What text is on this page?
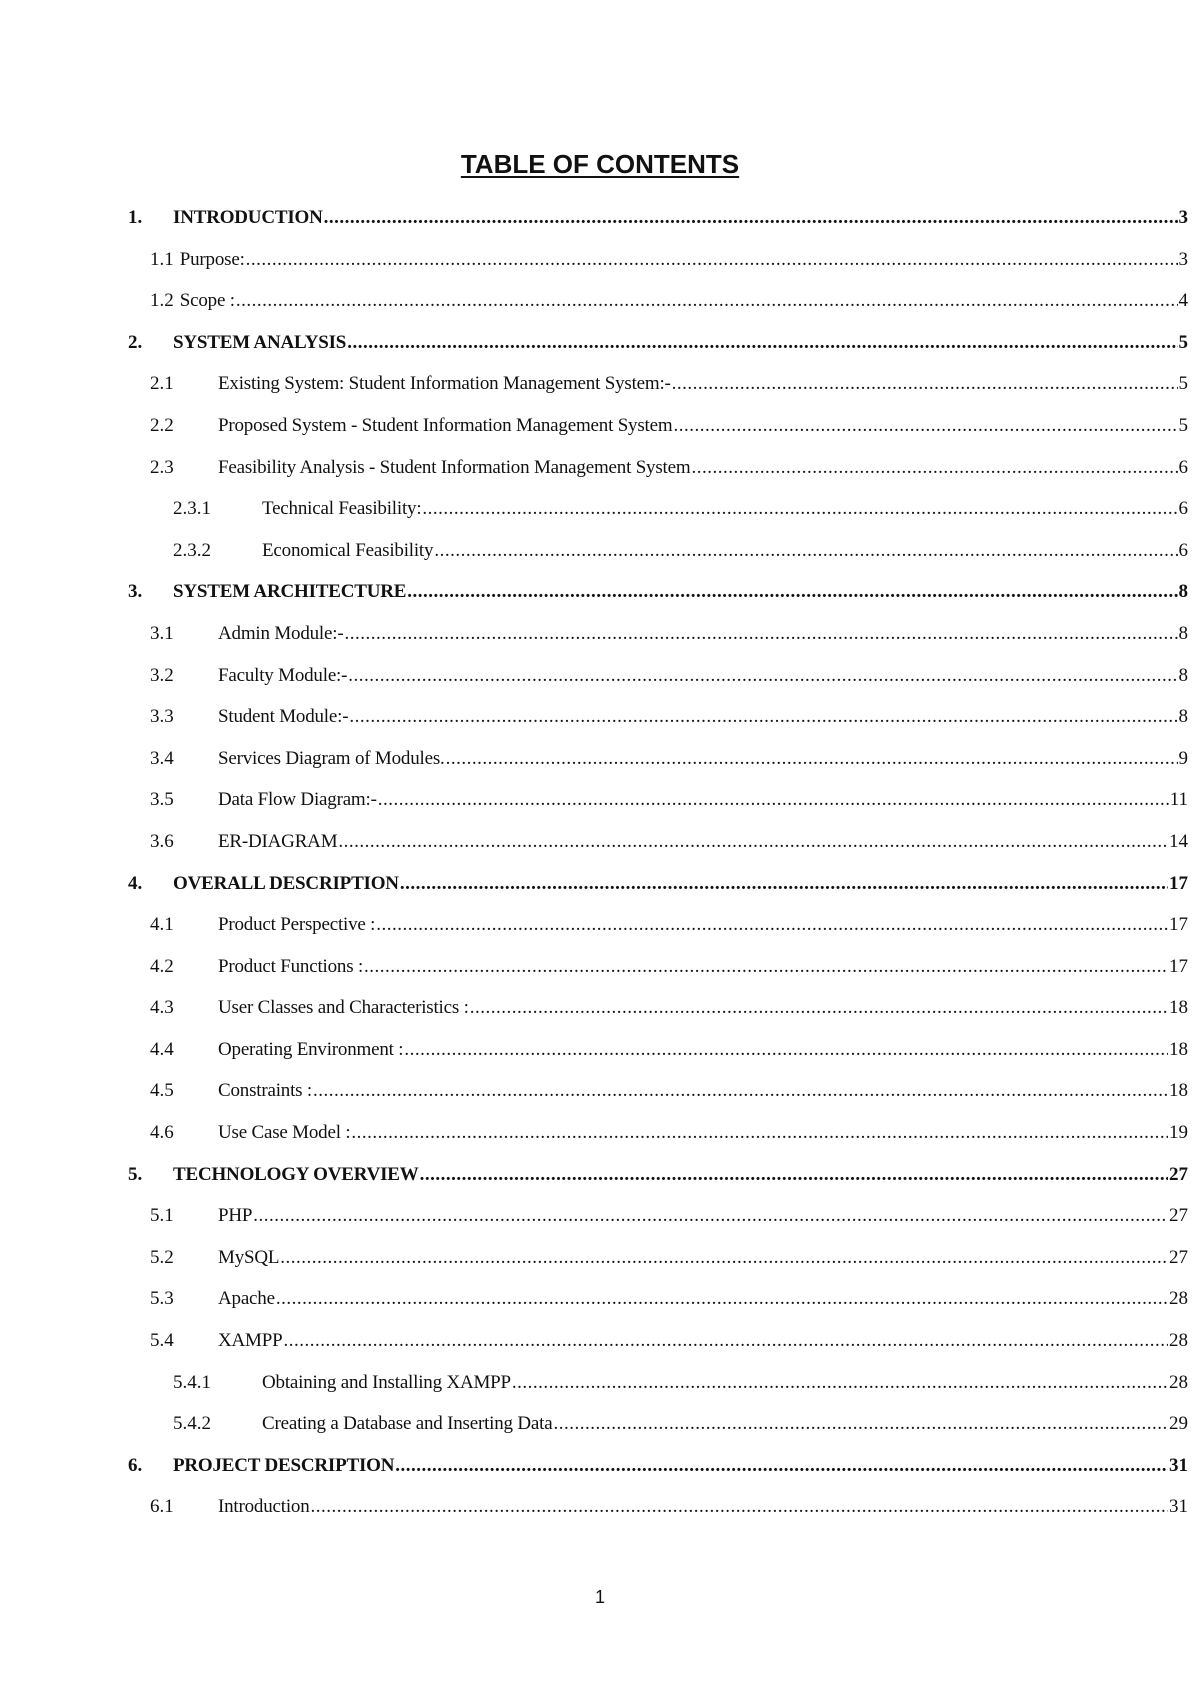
TABLE OF CONTENTS
1.	INTRODUCTION .....	3
1.1 Purpose: .....	3
1.2 Scope : .....	4
2.	SYSTEM ANALYSIS .....	5
2.1	Existing System: Student Information Management System:- .....	5
2.2	Proposed System - Student Information Management System .....	5
2.3	Feasibility Analysis - Student Information Management System .....	6
2.3.1	Technical Feasibility: .....	6
2.3.2	Economical Feasibility .....	6
3.	SYSTEM ARCHITECTURE .....	8
3.1	Admin Module:- .....	8
3.2	Faculty Module:- .....	8
3.3	Student Module:- .....	8
3.4	Services Diagram of Modules. .....	9
3.5	Data Flow Diagram:- .....	11
3.6	ER-DIAGRAM .....	14
4.	OVERALL DESCRIPTION .....	17
4.1	Product Perspective : .....	17
4.2	Product Functions : .....	17
4.3	User Classes and Characteristics : .....	18
4.4	Operating Environment : .....	18
4.5	Constraints : .....	18
4.6	Use Case Model : .....	19
5.	TECHNOLOGY OVERVIEW .....	27
5.1	PHP .....	27
5.2	MySQL .....	27
5.3	Apache .....	28
5.4	XAMPP .....	28
5.4.1	Obtaining and Installing XAMPP .....	28
5.4.2	Creating a Database and Inserting Data .....	29
6.	PROJECT DESCRIPTION .....	31
6.1	Introduction .....	31
1
